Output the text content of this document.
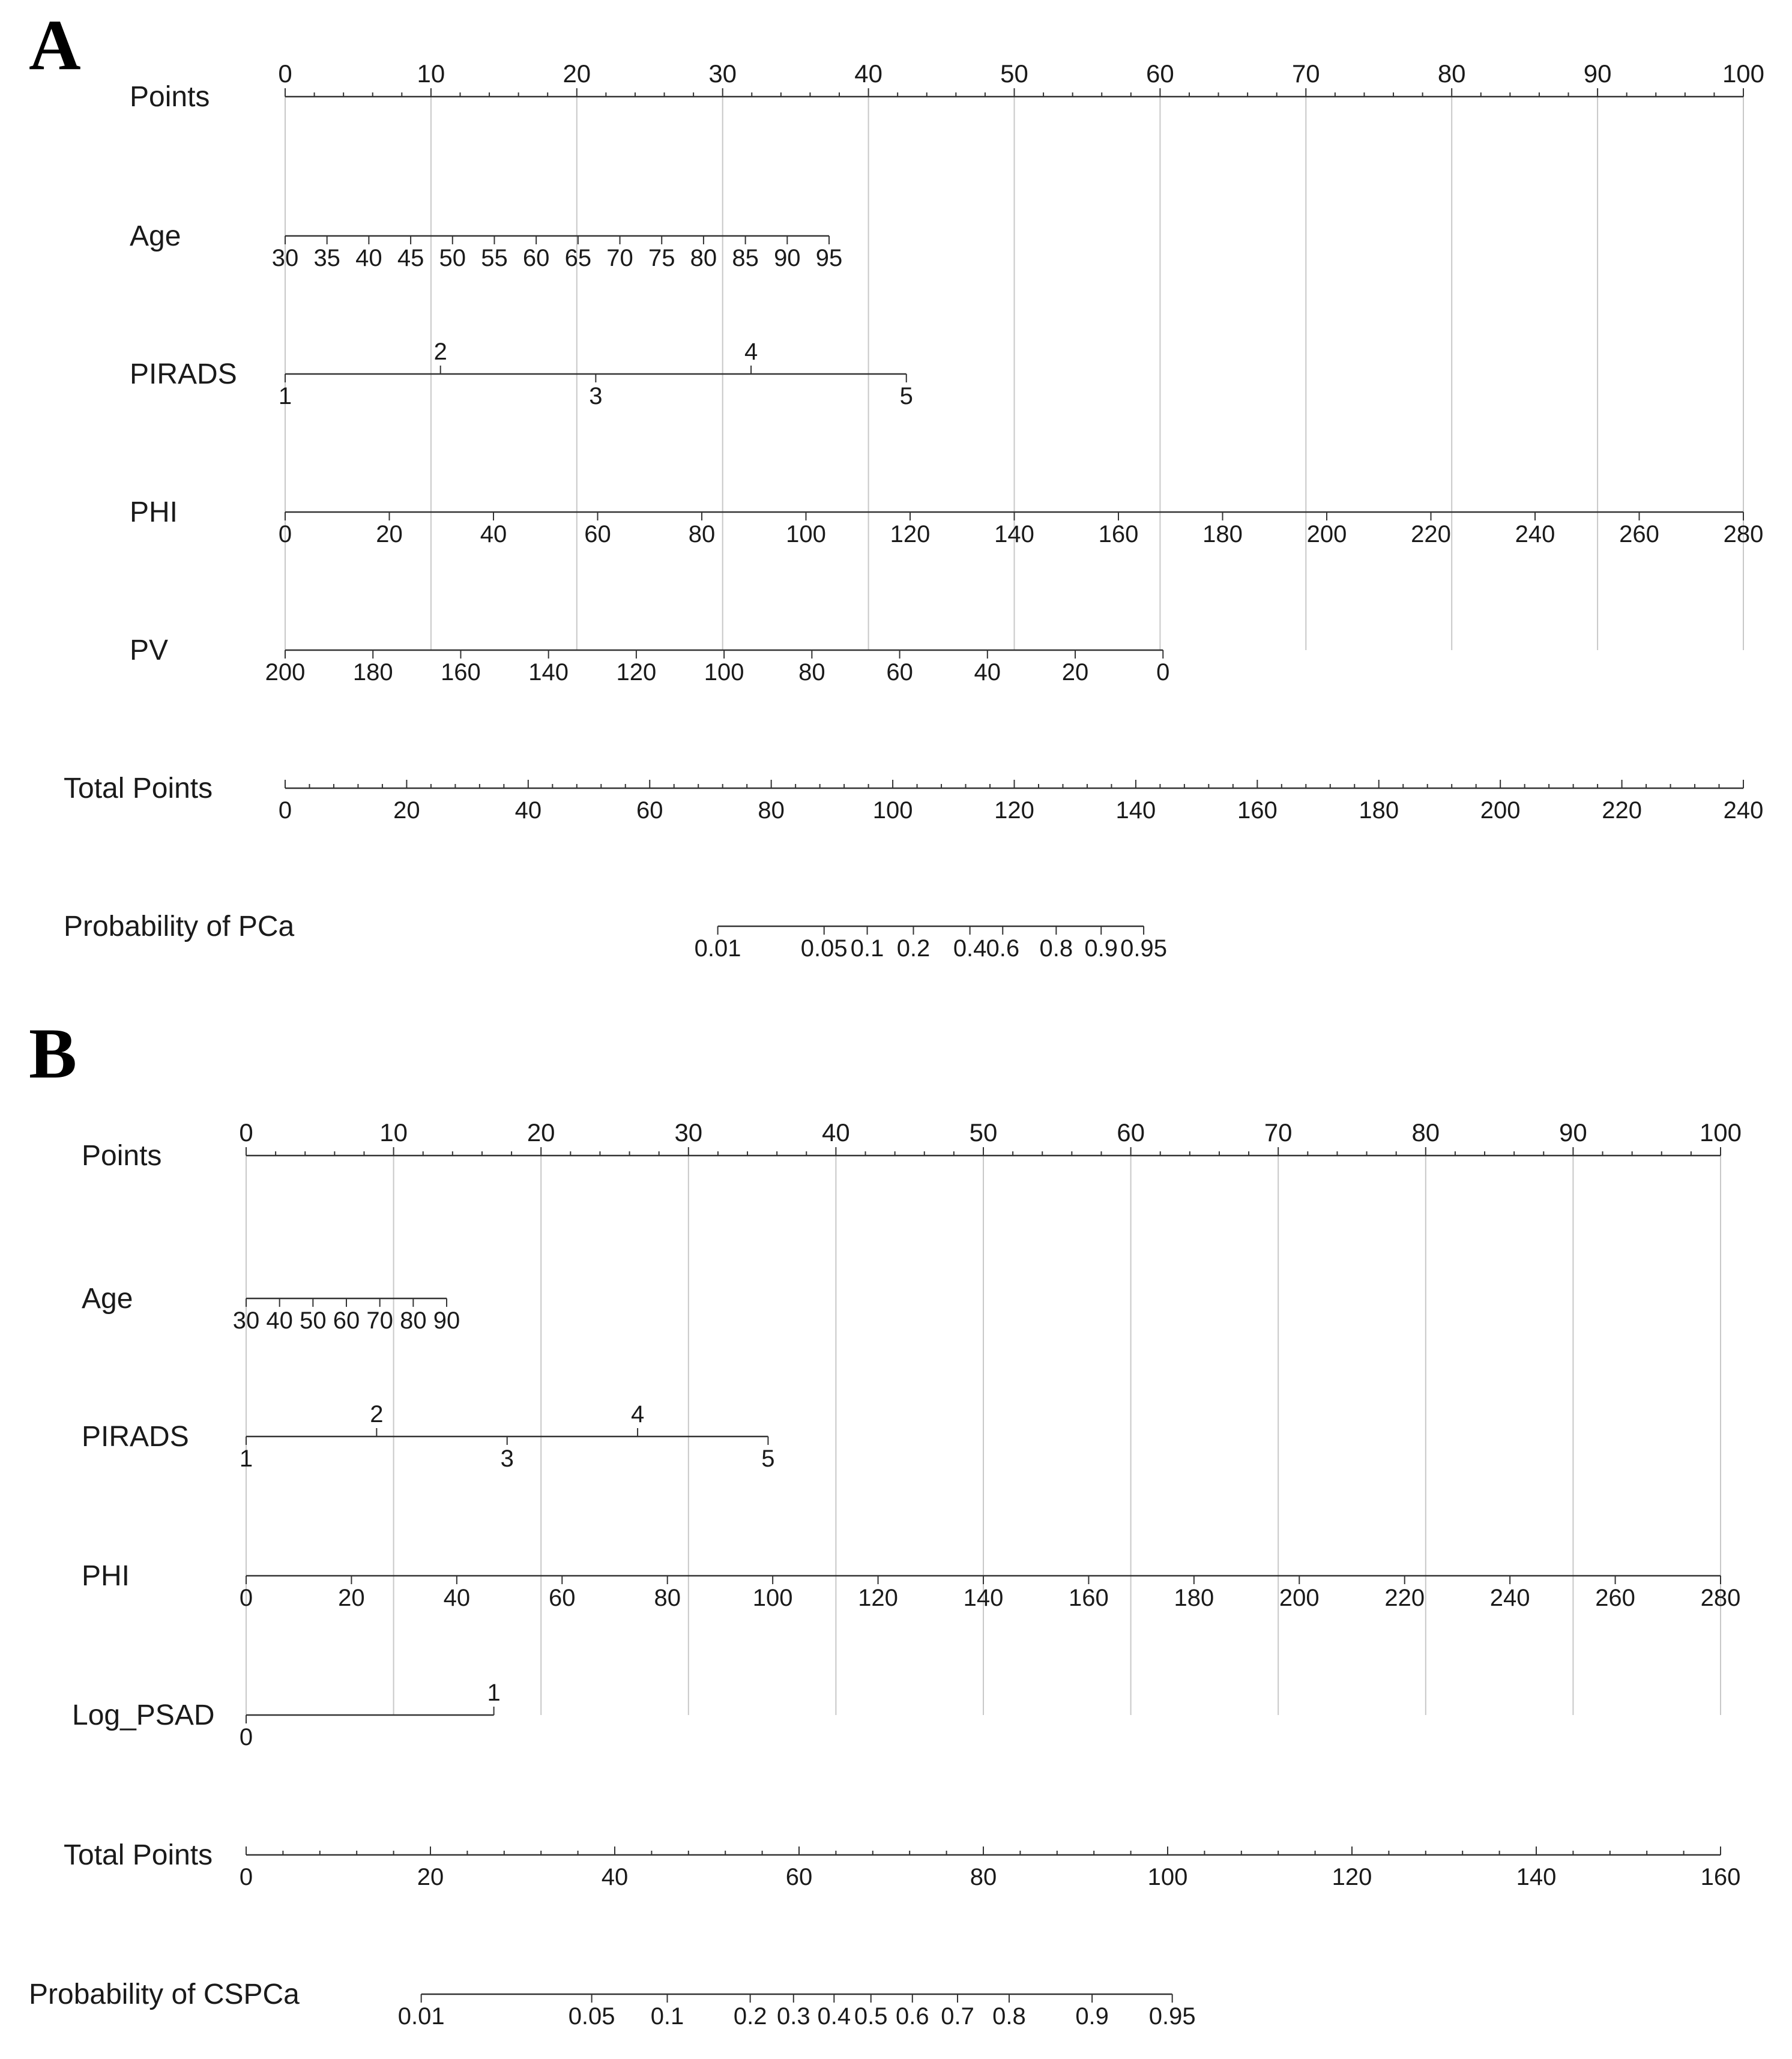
A
Points
0	10	20	30	40	50	60	70	80	90	100
Age
30 35 40 45 50 55 60 65 70 75 80 85 90 95
PIRADS
1
2
3
4
5
PHI
0	20	40	60	80	100	120	140	160	180	200	220	240	260	280
PV
200 180 160 140 120 100 80	60	40	20	0
Total Points
0	20	40	60	80	100	120	140	160	180	200	220	240
Probability of PCa
0.01 0.05 0.1 0.2 0.4 0.6 0.8 0.9 0.95
B
Points
0	10	20	30	40	50	60	70	80	90	100
Age
30 40 50 60 70 80 90
PIRADS
1
2
3
4
5
PHI
0	20	40	60	80	100	120	140	160	180	200	220	240	260	280
Log_PSAD
0
1
Total Points
0	20	40	60	80	100	120	140	160
Probability of CSPCa
0.01	0.05 0.1 0.2 0.3 0.4 0.5 0.6 0.7 0.8 0.9 0.95
